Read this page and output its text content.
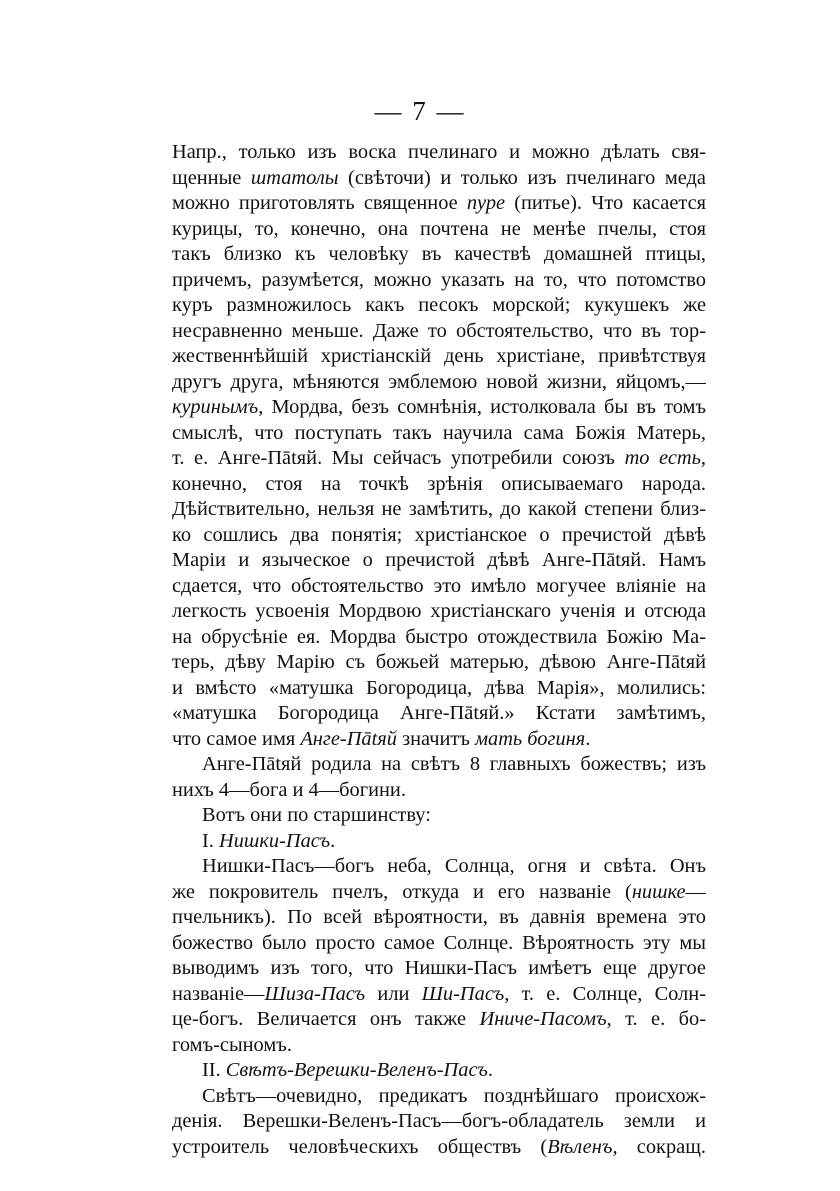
— 7 —
Напр., только изъ воска пчелинаго и можно дѣлать свя-
щенные штатолы (свѣточи) и только изъ пчелинаго меда
можно приготовлять священное пуре (питье). Что касается
курицы, то, конечно, она почтена не менѣе пчелы, стоя
такъ близко къ человѣку въ качествѣ домашней птицы,
причемъ, разумѣется, можно указать на то, что потомство
куръ размножилось какъ песокъ морской; кукушекъ же
несравненно меньше. Даже то обстоятельство, что въ тор-
жественнѣйшій христіанскій день христіане, привѣтствуя
другъ друга, мѣняются эмблемою новой жизни, яйцомъ,—
куринымъ, Мордва, безъ сомнѣнія, истолковала бы въ томъ
смыслѣ, что поступать такъ научила сама Божія Матерь,
т. е. Анге-Пātяй. Мы сейчасъ употребили союзъ то есть,
конечно, стоя на точкѣ зрѣнія описываемаго народа.
Дѣйствительно, нельзя не замѣтить, до какой степени близ-
ко сошлись два понятія; христіанское о пречистой дѣвѣ
Маріи и языческое о пречистой дѣвѣ Анге-Пātяй. Намъ
сдается, что обстоятельство это имѣло могучее вліяніе на
легкость усвоенія Мордвою христіанскаго ученія и отсюда
на обрусѣніе ея. Мордва быстро отождествила Божію Ма-
терь, дѣву Марію съ божьей матерью, дѣвою Анге-Пātяй
и вмѣсто «матушка Богородица, дѣва Марія», молились:
«матушка Богородица Анге-Пātяй.» Кстати замѣтимъ,
что самое имя Анге-Пātяй значитъ мать богиня.
Анге-Пātяй родила на свѣтъ 8 главныхъ божествъ; изъ
нихъ 4—бога и 4—богини.
Вотъ они по старшинству:
I. Нишки-Пасъ.
Нишки-Пасъ—богъ неба, Солнца, огня и свѣта. Онъ
же покровитель пчелъ, откуда и его названіе (нишке—
пчельникъ). По всей вѣроятности, въ давнія времена это
божество было просто самое Солнце. Вѣроятность эту мы
выводимъ изъ того, что Нишки-Пасъ имѣетъ еще другое
названіе—Шиза-Пасъ или Ши-Пасъ, т. е. Солнце, Солн-
це-богъ. Величается онъ также Иниче-Пасомъ, т. е. бо-
гомъ-сыномъ.
II. Свѣтъ-Верешки-Веленъ-Пасъ.
Свѣтъ—очевидно, предикатъ позднѣйшаго происхож-
денія. Верешки-Веленъ-Пасъ—богъ-обладатель земли и
устроитель человѣческихъ обществъ (Вѣленъ, сокращ.
